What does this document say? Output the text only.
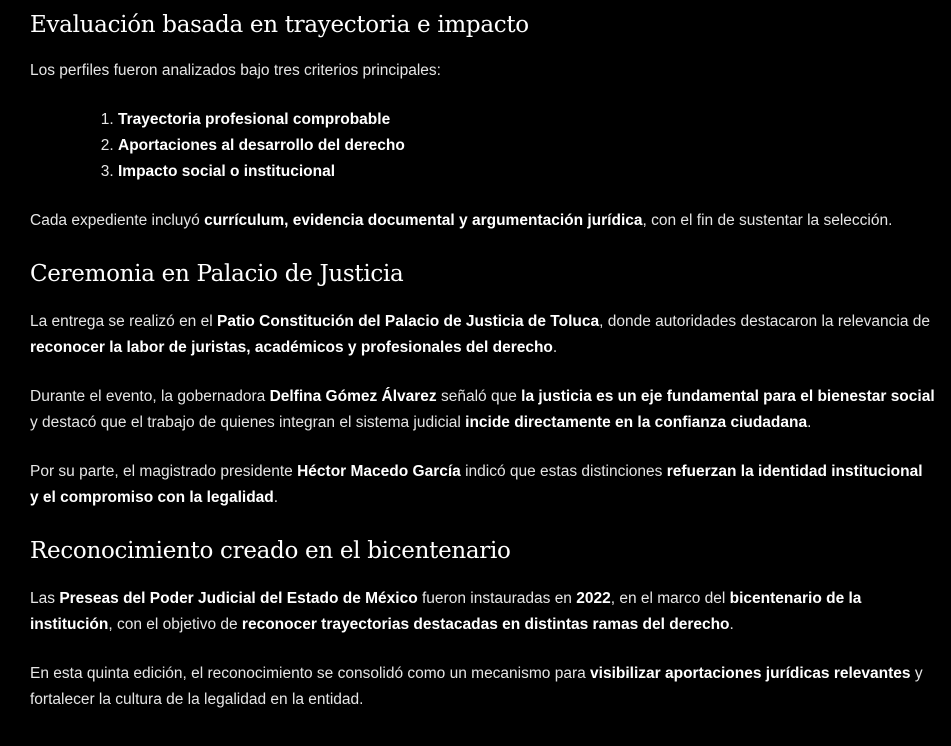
Evaluación basada en trayectoria e impacto

Los perfiles fueron analizados bajo tres criterios principales:

1. Trayectoria profesional comprobable
2. Aportaciones al desarrollo del derecho
3. Impacto social o institucional

Cada expediente incluyó currículum, evidencia documental y argumentación jurídica, con el fin de sustentar la selección.

Ceremonia en Palacio de Justicia

La entrega se realizó en el Patio Constitución del Palacio de Justicia de Toluca, donde autoridades destacaron la relevancia de reconocer la labor de juristas, académicos y profesionales del derecho.

Durante el evento, la gobernadora Delfina Gómez Álvarez señaló que la justicia es un eje fundamental para el bienestar social y destacó que el trabajo de quienes integran el sistema judicial incide directamente en la confianza ciudadana.

Por su parte, el magistrado presidente Héctor Macedo García indicó que estas distinciones refuerzan la identidad institucional y el compromiso con la legalidad.

Reconocimiento creado en el bicentenario

Las Preseas del Poder Judicial del Estado de México fueron instauradas en 2022, en el marco del bicentenario de la institución, con el objetivo de reconocer trayectorias destacadas en distintas ramas del derecho.

En esta quinta edición, el reconocimiento se consolidó como un mecanismo para visibilizar aportaciones jurídicas relevantes y fortalecer la cultura de la legalidad en la entidad.
